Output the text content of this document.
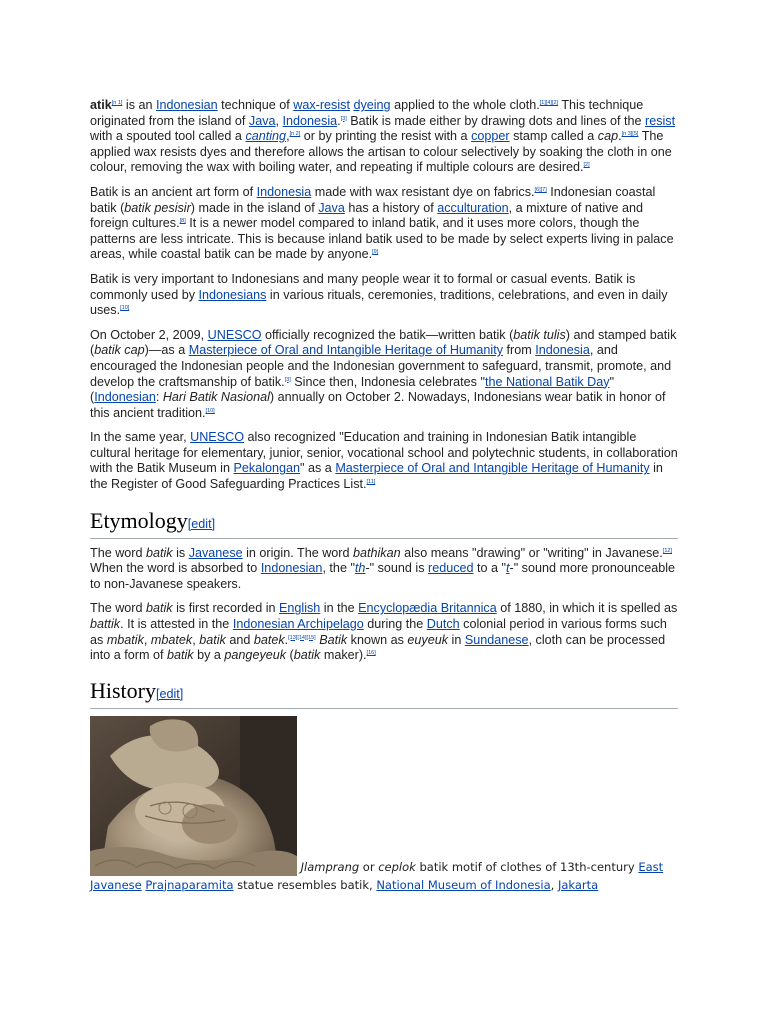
atik[n 1] is an Indonesian technique of wax-resist dyeing applied to the whole cloth.[1][4][2] This technique originated from the island of Java, Indonesia.[3] Batik is made either by drawing dots and lines of the resist with a spouted tool called a canting,[n 2] or by printing the resist with a copper stamp called a cap.[n 3][5] The applied wax resists dyes and therefore allows the artisan to colour selectively by soaking the cloth in one colour, removing the wax with boiling water, and repeating if multiple colours are desired.[2]

Batik is an ancient art form of Indonesia made with wax resistant dye on fabrics.[6][7] Indonesian coastal batik (batik pesisir) made in the island of Java has a history of acculturation, a mixture of native and foreign cultures.[8] It is a newer model compared to inland batik, and it uses more colors, though the patterns are less intricate. This is because inland batik used to be made by select experts living in palace areas, while coastal batik can be made by anyone.[9]

Batik is very important to Indonesians and many people wear it to formal or casual events. Batik is commonly used by Indonesians in various rituals, ceremonies, traditions, celebrations, and even in daily uses.[10]

On October 2, 2009, UNESCO officially recognized the batik—written batik (batik tulis) and stamped batik (batik cap)—as a Masterpiece of Oral and Intangible Heritage of Humanity from Indonesia, and encouraged the Indonesian people and the Indonesian government to safeguard, transmit, promote, and develop the craftsmanship of batik.[3] Since then, Indonesia celebrates "the National Batik Day" (Indonesian: Hari Batik Nasional) annually on October 2. Nowadays, Indonesians wear batik in honor of this ancient tradition.[10]

In the same year, UNESCO also recognized "Education and training in Indonesian Batik intangible cultural heritage for elementary, junior, senior, vocational school and polytechnic students, in collaboration with the Batik Museum in Pekalongan" as a Masterpiece of Oral and Intangible Heritage of Humanity in the Register of Good Safeguarding Practices List.[11]

Etymology[edit]

The word batik is Javanese in origin. The word bathikan also means "drawing" or "writing" in Javanese.[12] When the word is absorbed to Indonesian, the "th-" sound is reduced to a "t-" sound more pronounceable to non-Javanese speakers.

The word batik is first recorded in English in the Encyclopædia Britannica of 1880, in which it is spelled as battik. It is attested in the Indonesian Archipelago during the Dutch colonial period in various forms such as mbatik, mbatek, batik and batek.[13][14][15] Batik known as euyeuk in Sundanese, cloth can be processed into a form of batik by a pangeyeuk (batik maker).[16]

History[edit]
Jlamprang or ceplok batik motif of clothes of 13th-century East Javanese Prajnaparamita statue resembles batik, National Museum of Indonesia, Jakarta
